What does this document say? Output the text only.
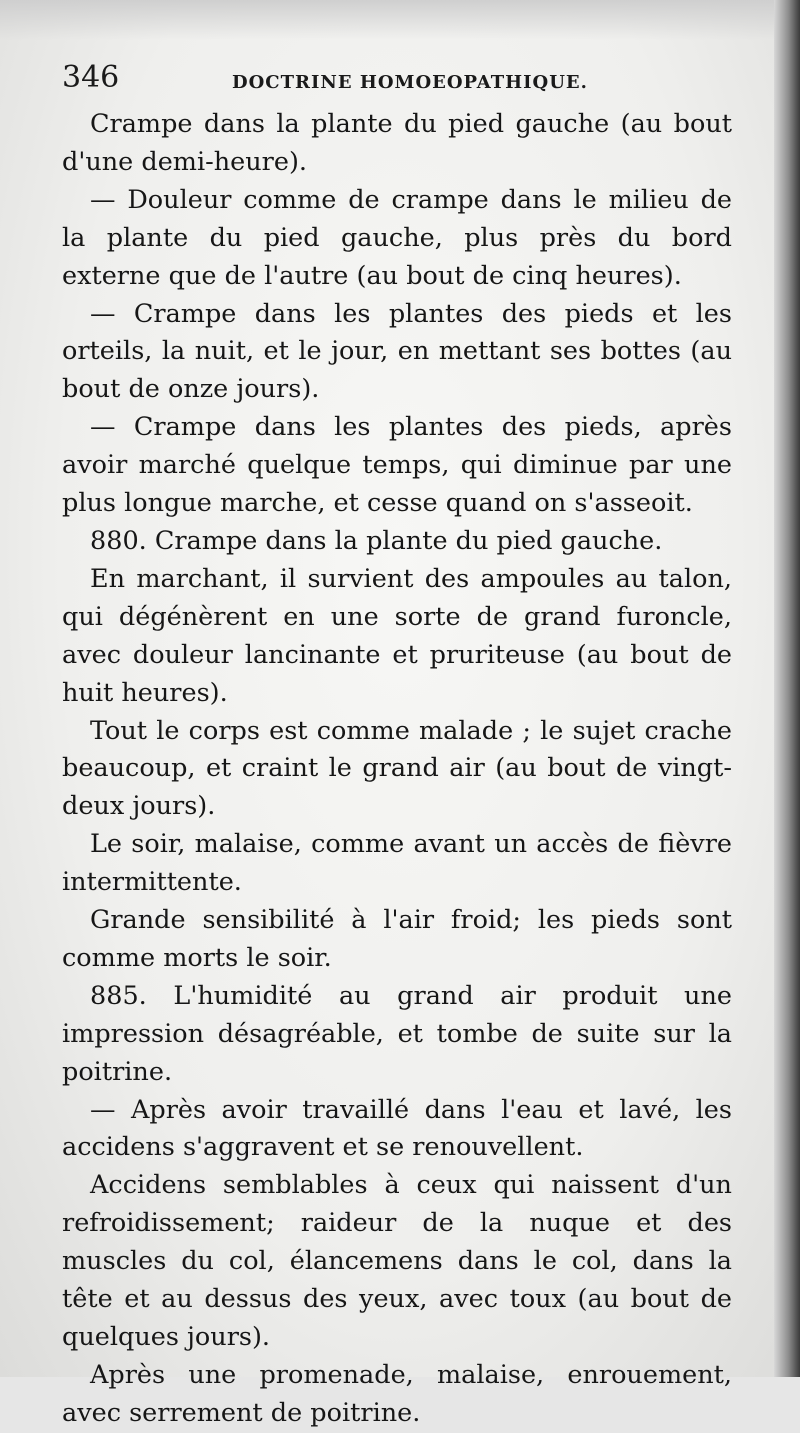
346	DOCTRINE HOMOEOPATHIQUE.

Crampe dans la plante du pied gauche (au bout d'une demi-heure).

— Douleur comme de crampe dans le milieu de la plante du pied gauche, plus près du bord externe que de l'autre (au bout de cinq heures).

— Crampe dans les plantes des pieds et les orteils, la nuit, et le jour, en mettant ses bottes (au bout de onze jours).

— Crampe dans les plantes des pieds, après avoir marché quelque temps, qui diminue par une plus longue marche, et cesse quand on s'asseoit.

880. Crampe dans la plante du pied gauche.

En marchant, il survient des ampoules au talon, qui dégénèrent en une sorte de grand furoncle, avec douleur lancinante et pruriteuse (au bout de huit heures).

Tout le corps est comme malade ; le sujet crache beaucoup, et craint le grand air (au bout de vingt-deux jours).

Le soir, malaise, comme avant un accès de fièvre intermittente.

Grande sensibilité à l'air froid; les pieds sont comme morts le soir.

885. L'humidité au grand air produit une impression désagréable, et tombe de suite sur la poitrine.

— Après avoir travaillé dans l'eau et lavé, les accidens s'aggravent et se renouvellent.

Accidens semblables à ceux qui naissent d'un refroidissement; raideur de la nuque et des muscles du col, élancemens dans le col, dans la tête et au dessus des yeux, avec toux (au bout de quelques jours).

Après une promenade, malaise, enrouement, avec serrement de poitrine.
